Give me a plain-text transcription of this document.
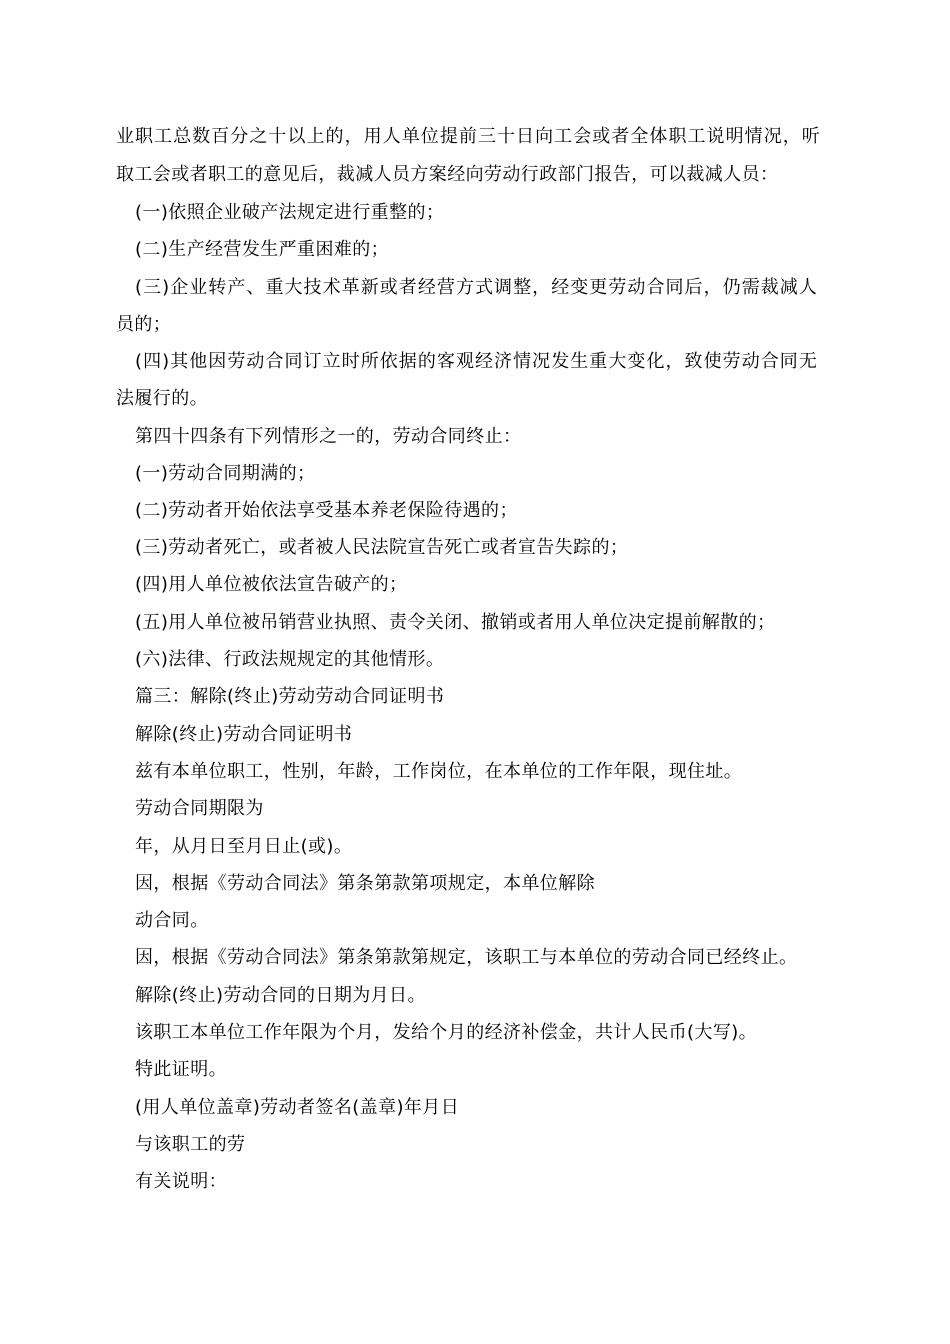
业职工总数百分之十以上的，用人单位提前三十日向工会或者全体职工说明情况，听
取工会或者职工的意见后，裁减人员方案经向劳动行政部门报告，可以裁减人员：
(一)依照企业破产法规定进行重整的；
(二)生产经营发生严重困难的；
(三)企业转产、重大技术革新或者经营方式调整，经变更劳动合同后，仍需裁减人
员的；
(四)其他因劳动合同订立时所依据的客观经济情况发生重大变化，致使劳动合同无
法履行的。
第四十四条有下列情形之一的，劳动合同终止：
(一)劳动合同期满的；
(二)劳动者开始依法享受基本养老保险待遇的；
(三)劳动者死亡，或者被人民法院宣告死亡或者宣告失踪的；
(四)用人单位被依法宣告破产的；
(五)用人单位被吊销营业执照、责令关闭、撤销或者用人单位决定提前解散的；
(六)法律、行政法规规定的其他情形。
篇三：解除(终止)劳动劳动合同证明书
解除(终止)劳动合同证明书
兹有本单位职工，性别，年龄，工作岗位，在本单位的工作年限，现住址。
劳动合同期限为
年，从月日至月日止(或)。
因，根据《劳动合同法》第条第款第项规定，本单位解除
动合同。
因，根据《劳动合同法》第条第款第规定，该职工与本单位的劳动合同已经终止。
解除(终止)劳动合同的日期为月日。
该职工本单位工作年限为个月，发给个月的经济补偿金，共计人民币(大写)。
特此证明。
(用人单位盖章)劳动者签名(盖章)年月日
与该职工的劳
有关说明：
